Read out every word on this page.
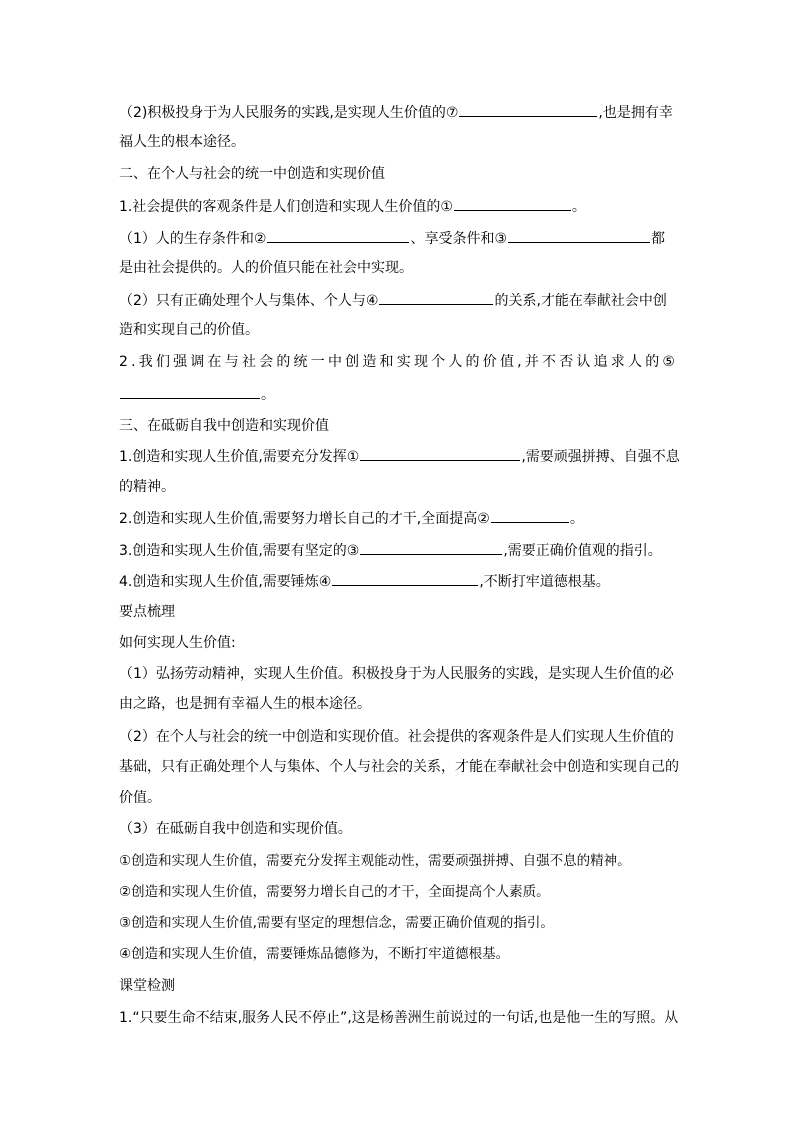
（2)积极投身于为人民服务的实践,是实现人生价值的⑦	,也是拥有幸
福人生的根本途径。
二、在个人与社会的统一中创造和实现价值
1.社会提供的客观条件是人们创造和实现人生价值的①	。
（1）人的生存条件和②	、享受条件和③	都
是由社会提供的。人的价值只能在社会中实现。
（2）只有正确处理个人与集体、个人与④	的关系,才能在奉献社会中创
造和实现自己的价值。
2.我们强调在与社会的统一中创造和实现个人的价值,并不否认追求人的⑤
。
三、在砥砺自我中创造和实现价值
1.创造和实现人生价值,需要充分发挥①	,需要顽强拼搏、自强不息
的精神。
2.创造和实现人生价值,需要努力增长自己的才干,全面提高②	。
3.创造和实现人生价值,需要有坚定的③	,需要正确价值观的指引。
4.创造和实现人生价值,需要锤炼④	,不断打牢道德根基。
要点梳理
如何实现人生价值:
（1）弘扬劳动精神，实现人生价值。积极投身于为人民服务的实践，是实现人生价值的必
由之路，也是拥有幸福人生的根本途径。
（2）在个人与社会的统一中创造和实现价值。社会提供的客观条件是人们实现人生价值的
基础，只有正确处理个人与集体、个人与社会的关系，才能在奉献社会中创造和实现自己的
价值。
（3）在砥砺自我中创造和实现价值。
①创造和实现人生价值，需要充分发挥主观能动性，需要顽强拼搏、自强不息的精神。
②创造和实现人生价值，需要努力增长自己的才干，全面提高个人素质。
③创造和实现人生价值,需要有坚定的理想信念，需要正确价值观的指引。
④创造和实现人生价值，需要锤炼品德修为，不断打牢道德根基。
课堂检测
1.“只要生命不结束,服务人民不停止”,这是杨善洲生前说过的一句话,也是他一生的写照。从
